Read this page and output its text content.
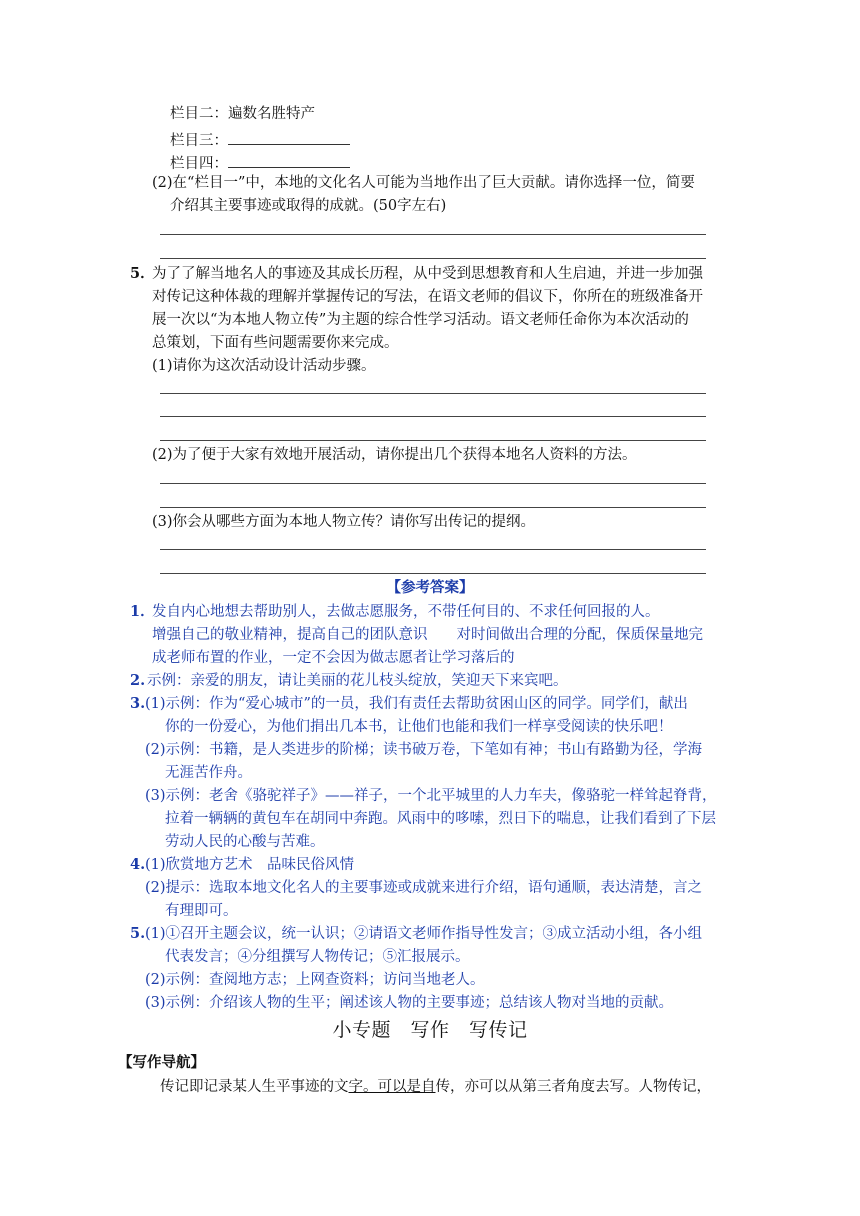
栏目二：遍数名胜特产
栏目三：
栏目四：
(2)在“栏目一”中，本地的文化名人可能为当地作出了巨大贡献。请你选择一位，简要
介绍其主要事迹或取得的成就。(50字左右)
5．
为了了解当地名人的事迹及其成长历程，从中受到思想教育和人生启迪，并进一步加强
对传记这种体裁的理解并掌握传记的写法，在语文老师的倡议下，你所在的班级准备开
展一次以“为本地人物立传”为主题的综合性学习活动。语文老师任命你为本次活动的
总策划，下面有些问题需要你来完成。
(1)请你为这次活动设计活动步骤。
(2)为了便于大家有效地开展活动，请你提出几个获得本地名人资料的方法。
(3)你会从哪些方面为本地人物立传？请你写出传记的提纲。
【参考答案】
1．
发自内心地想去帮助别人，去做志愿服务，不带任何目的、不求任何回报的人。
增强自己的敬业精神，提高自己的团队意识　　对时间做出合理的分配，保质保量地完
成老师布置的作业，一定不会因为做志愿者让学习落后的
2. 示例：亲爱的朋友，请让美丽的花儿枝头绽放，笑迎天下来宾吧。
3. (1)示例：作为“爱心城市”的一员，我们有责任去帮助贫困山区的同学。同学们，献出
你的一份爱心，为他们捐出几本书，让他们也能和我们一样享受阅读的快乐吧！
(2)示例：书籍，是人类进步的阶梯；读书破万卷，下笔如有神；书山有路勤为径，学海
无涯苦作舟。
(3)示例：老舍《骆驼祥子》——祥子，一个北平城里的人力车夫，像骆驼一样耸起脊背，
拉着一辆辆的黄包车在胡同中奔跑。风雨中的哆嗦，烈日下的喘息，让我们看到了下层
劳动人民的心酸与苦难。
4. (1)欣赏地方艺术　品味民俗风情
(2)提示：选取本地文化名人的主要事迹或成就来进行介绍，语句通顺，表达清楚，言之
有理即可。
5. (1)①召开主题会议，统一认识；②请语文老师作指导性发言；③成立活动小组，各小组
代表发言；④分组撰写人物传记；⑤汇报展示。
(2)示例：查阅地方志；上网查资料；访问当地老人。
(3)示例：介绍该人物的生平；阐述该人物的主要事迹；总结该人物对当地的贡献。
小专题　写作　写传记
【写作导航】
传记即记录某人生平事迹的文字。可以是自传，亦可以从第三者角度去写。人物传记，
